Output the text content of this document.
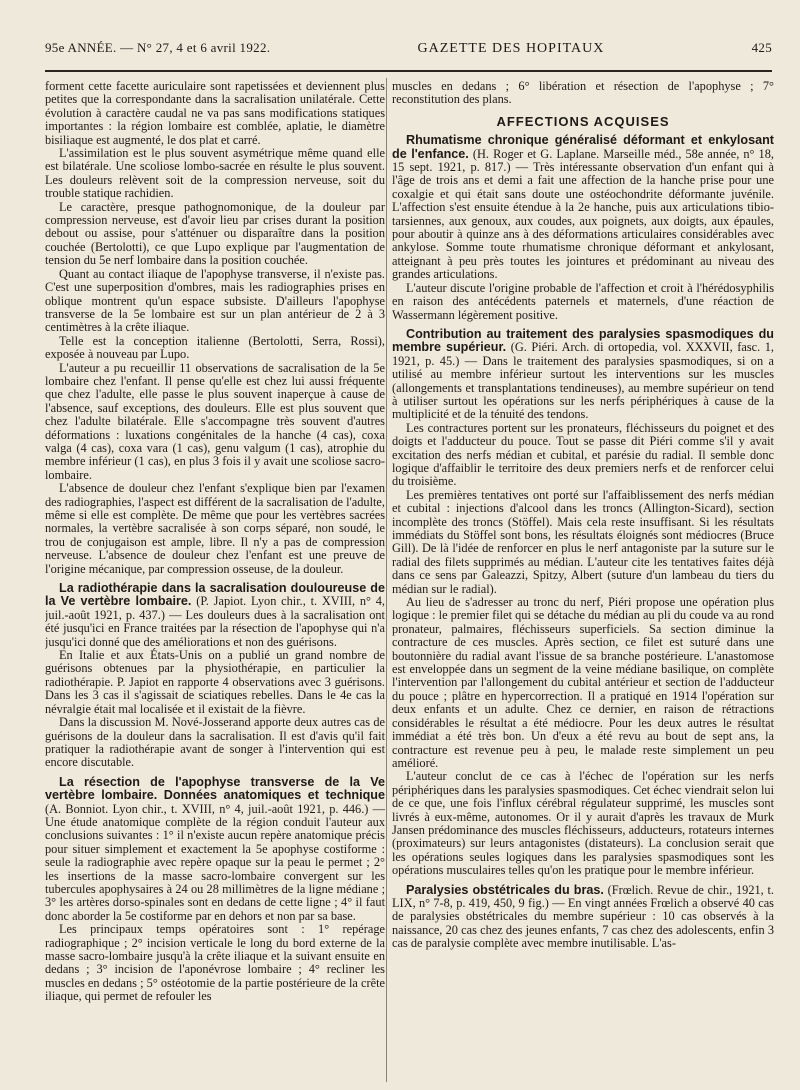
95e ANNÉE. — N° 27, 4 et 6 avril 1922.	GAZETTE DES HOPITAUX	425

forment cette facette auriculaire sont rapetissées et deviennent plus petites que la correspondante dans la sacralisation unilatérale. Cette évolution à caractère caudal ne va pas sans modifications statiques importantes : la région lombaire est comblée, aplatie, le diamètre bisiliaque est augmenté, le dos plat et carré.

L'assimilation est le plus souvent asymétrique même quand elle est bilatérale. Une scoliose lombo-sacrée en résulte le plus souvent. Les douleurs relèvent soit de la compression nerveuse, soit du trouble statique rachidien.

Le caractère, presque pathognomonique, de la douleur par compression nerveuse, est d'avoir lieu par crises durant la position debout ou assise, pour s'atténuer ou disparaître dans la position couchée (Bertolotti), ce que Lupo explique par l'augmentation de tension du 5e nerf lombaire dans la position couchée.

Quant au contact iliaque de l'apophyse transverse, il n'existe pas. C'est une superposition d'ombres, mais les radiographies prises en oblique montrent qu'un espace subsiste. D'ailleurs l'apophyse transverse de la 5e lombaire est sur un plan antérieur de 2 à 3 centimètres à la crête iliaque.

Telle est la conception italienne (Bertolotti, Serra, Rossi), exposée à nouveau par Lupo.

L'auteur a pu recueillir 11 observations de sacralisation de la 5e lombaire chez l'enfant. Il pense qu'elle est chez lui aussi fréquente que chez l'adulte, elle passe le plus souvent inaperçue à cause de l'absence, sauf exceptions, des douleurs. Elle est plus souvent que chez l'adulte bilatérale. Elle s'accompagne très souvent d'autres déformations : luxations congénitales de la hanche (4 cas), coxa valga (4 cas), coxa vara (1 cas), genu valgum (1 cas), atrophie du membre inférieur (1 cas), en plus 3 fois il y avait une scoliose sacro-lombaire.

L'absence de douleur chez l'enfant s'explique bien par l'examen des radiographies, l'aspect est différent de la sacralisation de l'adulte, même si elle est complète. De même que pour les vertèbres sacrées normales, la vertèbre sacralisée à son corps séparé, non soudé, le trou de conjugaison est ample, libre. Il n'y a pas de compression nerveuse. L'absence de douleur chez l'enfant est une preuve de l'origine mécanique, par compression osseuse, de la douleur.

La radiothérapie dans la sacralisation douloureuse de la Ve vertèbre lombaire. (P. Japiot. Lyon chir., t. XVIII, n° 4, juil.-août 1921, p. 437.) — Les douleurs dues à la sacralisation ont été jusqu'ici en France traitées par la résection de l'apophyse qui n'a jusqu'ici donné que des améliorations et non des guérisons.

En Italie et aux États-Unis on a publié un grand nombre de guérisons obtenues par la physiothérapie, en particulier la radiothérapie. P. Japiot en rapporte 4 observations avec 3 guérisons. Dans les 3 cas il s'agissait de sciatiques rebelles. Dans le 4e cas la névralgie était mal localisée et il existait de la fièvre.

Dans la discussion M. Nové-Josserand apporte deux autres cas de guérisons de la douleur dans la sacralisation. Il est d'avis qu'il fait pratiquer la radiothérapie avant de songer à l'intervention qui est encore discutable.

La résection de l'apophyse transverse de la Ve vertèbre lombaire. Données anatomiques et technique (A. Bonniot. Lyon chir., t. XVIII, n° 4, juil.-août 1921, p. 446.) — Une étude anatomique complète de la région conduit l'auteur aux conclusions suivantes : 1° il n'existe aucun repère anatomique précis pour situer simplement et exactement la 5e apophyse costiforme : seule la radiographie avec repère opaque sur la peau le permet ; 2° les insertions de la masse sacro-lombaire convergent sur les tubercules apophysaires à 24 ou 28 millimètres de la ligne médiane ; 3° les artères dorso-spinales sont en dedans de cette ligne ; 4° il faut donc aborder la 5e costiforme par en dehors et non par sa base.

Les principaux temps opératoires sont : 1° repérage radiographique ; 2° incision verticale le long du bord externe de la masse sacro-lombaire jusqu'à la crête iliaque et la suivant ensuite en dedans ; 3° incision de l'aponévrose lombaire ; 4° recliner les muscles en dedans ; 5° ostéotomie de la partie postérieure de la crête iliaque, qui permet de refouler les

muscles en dedans ; 6° libération et résection de l'apophyse ; 7° reconstitution des plans.

AFFECTIONS ACQUISES

Rhumatisme chronique généralisé déformant et enkylosant de l'enfance. (H. Roger et G. Laplane. Marseille méd., 58e année, n° 18, 15 sept. 1921, p. 817.) — Très intéressante observation d'un enfant qui à l'âge de trois ans et demi a fait une affection de la hanche prise pour une coxalgie et qui était sans doute une ostéochondrite déformante juvénile. L'affection s'est ensuite étendue à la 2e hanche, puis aux articulations tibio-tarsiennes, aux genoux, aux coudes, aux poignets, aux doigts, aux épaules, pour aboutir à quinze ans à des déformations articulaires considérables avec ankylose. Somme toute rhumatisme chronique déformant et ankylosant, atteignant à peu près toutes les jointures et prédominant au niveau des grandes articulations.

L'auteur discute l'origine probable de l'affection et croit à l'hérédosyphilis en raison des antécédents paternels et maternels, d'une réaction de Wassermann légèrement positive.

Contribution au traitement des paralysies spasmodiques du membre supérieur. (G. Piéri. Arch. di ortopedia, vol. XXXVII, fasc. 1, 1921, p. 45.) — Dans le traitement des paralysies spasmodiques, si on a utilisé au membre inférieur surtout les interventions sur les muscles (allongements et transplantations tendineuses), au membre supérieur on tend à utiliser surtout les opérations sur les nerfs périphériques à cause de la multiplicité et de la ténuité des tendons.

Les contractures portent sur les pronateurs, fléchisseurs du poignet et des doigts et l'adducteur du pouce. Tout se passe dit Piéri comme s'il y avait excitation des nerfs médian et cubital, et parésie du radial. Il semble donc logique d'affaiblir le territoire des deux premiers nerfs et de renforcer celui du troisième.

Les premières tentatives ont porté sur l'affaiblissement des nerfs médian et cubital : injections d'alcool dans les troncs (Allington-Sicard), section incomplète des troncs (Stöffel). Mais cela reste insuffisant. Si les résultats immédiats du Stöffel sont bons, les résultats éloignés sont médiocres (Bruce Gill). De là l'idée de renforcer en plus le nerf antagoniste par la suture sur le radial des filets supprimés au médian. L'auteur cite les tentatives faites déjà dans ce sens par Galeazzi, Spitzy, Albert (suture d'un lambeau du tiers du médian sur le radial).

Au lieu de s'adresser au tronc du nerf, Piéri propose une opération plus logique : le premier filet qui se détache du médian au pli du coude va au rond pronateur, palmaires, fléchisseurs superficiels. Sa section diminue la contracture de ces muscles. Après section, ce filet est suturé dans une boutonnière du radial avant l'issue de sa branche postérieure. L'anastomose est enveloppée dans un segment de la veine médiane basilique, on complète l'intervention par l'allongement du cubital antérieur et section de l'adducteur du pouce ; plâtre en hypercorrection. Il a pratiqué en 1914 l'opération sur deux enfants et un adulte. Chez ce dernier, en raison de rétractions considérables le résultat a été médiocre. Pour les deux autres le résultat immédiat a été très bon. Un d'eux a été revu au bout de sept ans, la contracture est revenue peu à peu, le malade reste simplement un peu amélioré.

L'auteur conclut de ce cas à l'échec de l'opération sur les nerfs périphériques dans les paralysies spasmodiques. Cet échec viendrait selon lui de ce que, une fois l'influx cérébral régulateur supprimé, les muscles sont livrés à eux-même, autonomes. Or il y aurait d'après les travaux de Murk Jansen prédominance des muscles fléchisseurs, adducteurs, rotateurs internes (proximateurs) sur leurs antagonistes (distateurs). La conclusion serait que les opérations seules logiques dans les paralysies spasmodiques sont les opérations musculaires telles qu'on les pratique pour le membre inférieur.

Paralysies obstétricales du bras. (Frœlich. Revue de chir., 1921, t. LIX, n° 7-8, p. 419, 450, 9 fig.) — En vingt années Frœlich a observé 40 cas de paralysies obstétricales du membre supérieur : 10 cas observés à la naissance, 20 cas chez des jeunes enfants, 7 cas chez des adolescents, enfin 3 cas de paralysie complète avec membre inutilisable. L'as-
